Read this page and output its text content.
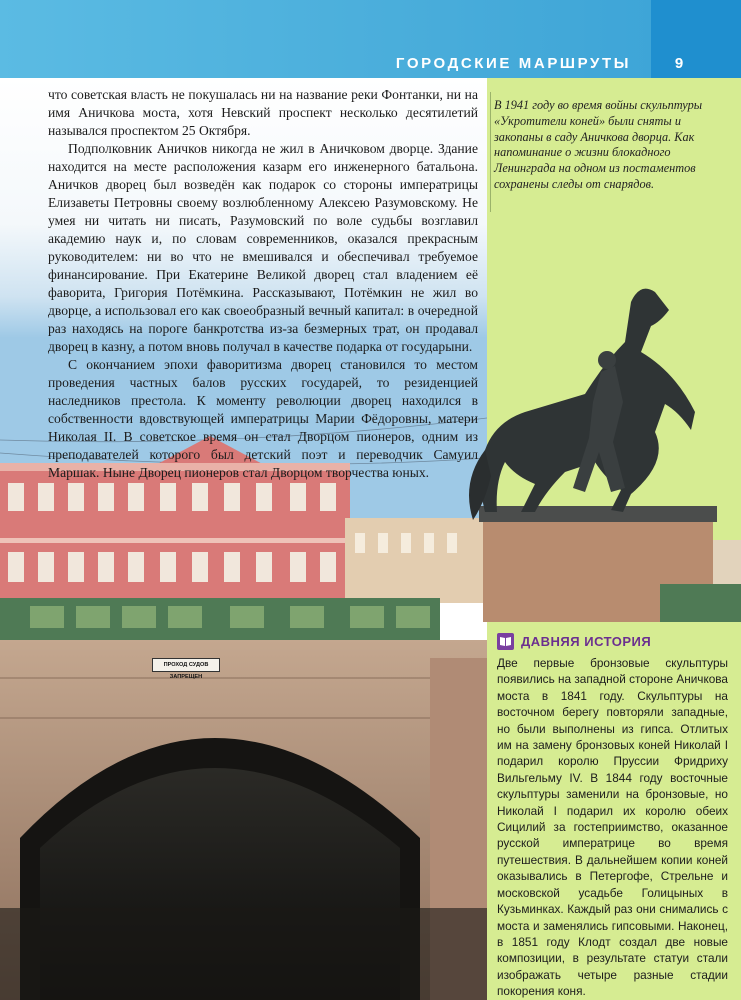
ГОРОДСКИЕ МАРШРУТЫ	9
ПРОХОД СУДОВ ЗАПРЕЩЕН

что советская власть не покушалась ни на название реки Фонтанки, ни на имя Аничкова моста, хотя Невский проспект несколько десятилетий назывался проспектом 25 Октября.

Подполковник Аничков никогда не жил в Аничковом дворце. Здание находится на месте расположения казарм его инженерного батальона. Аничков дворец был возведён как подарок со стороны императрицы Елизаветы Петровны своему возлюбленному Алексею Разумовскому. Не умея ни читать ни писать, Разумовский по воле судьбы возглавил академию наук и, по словам современников, оказался прекрасным руководителем: ни во что не вмешивался и обеспечивал требуемое финансирование. При Екатерине Великой дворец стал владением её фаворита, Григория Потёмкина. Рассказывают, Потёмкин не жил во дворце, а использовал его как своеобразный вечный капитал: в очередной раз находясь на пороге банкротства из-за безмерных трат, он продавал дворец в казну, а потом вновь получал в качестве подарка от государыни.

С окончанием эпохи фаворитизма дворец становился то местом проведения частных балов русских государей, то резиденцией наследников престола. К моменту революции дворец находился в собственности вдовствующей императрицы Марии Фёдоровны, матери Николая II. В советское время он стал Дворцом пионеров, одним из преподавателей которого был детский поэт и переводчик Самуил Маршак. Ныне Дворец пионеров стал Дворцом творчества юных.

В 1941 году во время войны скульптуры «Укротители коней» были сняты и закопаны в саду Аничкова дворца. Как напоминание о жизни блокадного Ленинграда на одном из постаментов сохранены следы от снарядов.
ДАВНЯЯ ИСТОРИЯ
Две первые бронзовые скульптуры появились на западной стороне Аничкова моста в 1841 году. Скульптуры на восточном берегу повторяли западные, но были выполнены из гипса. Отлитых им на замену бронзовых коней Николай I подарил королю Пруссии Фридриху Вильгельму IV. В 1844 году восточные скульптуры заменили на бронзовые, но Николай I подарил их королю обеих Сицилий за гостеприимство, оказанное русской императрице во время путешествия. В дальнейшем копии коней оказывались в Петергофе, Стрельне и московской усадьбе Голицыных в Кузьминках. Каждый раз они снимались с моста и заменялись гипсовыми. Наконец, в 1851 году Клодт создал две новые композиции, в результате статуи стали изображать четыре разные стадии покорения коня.
